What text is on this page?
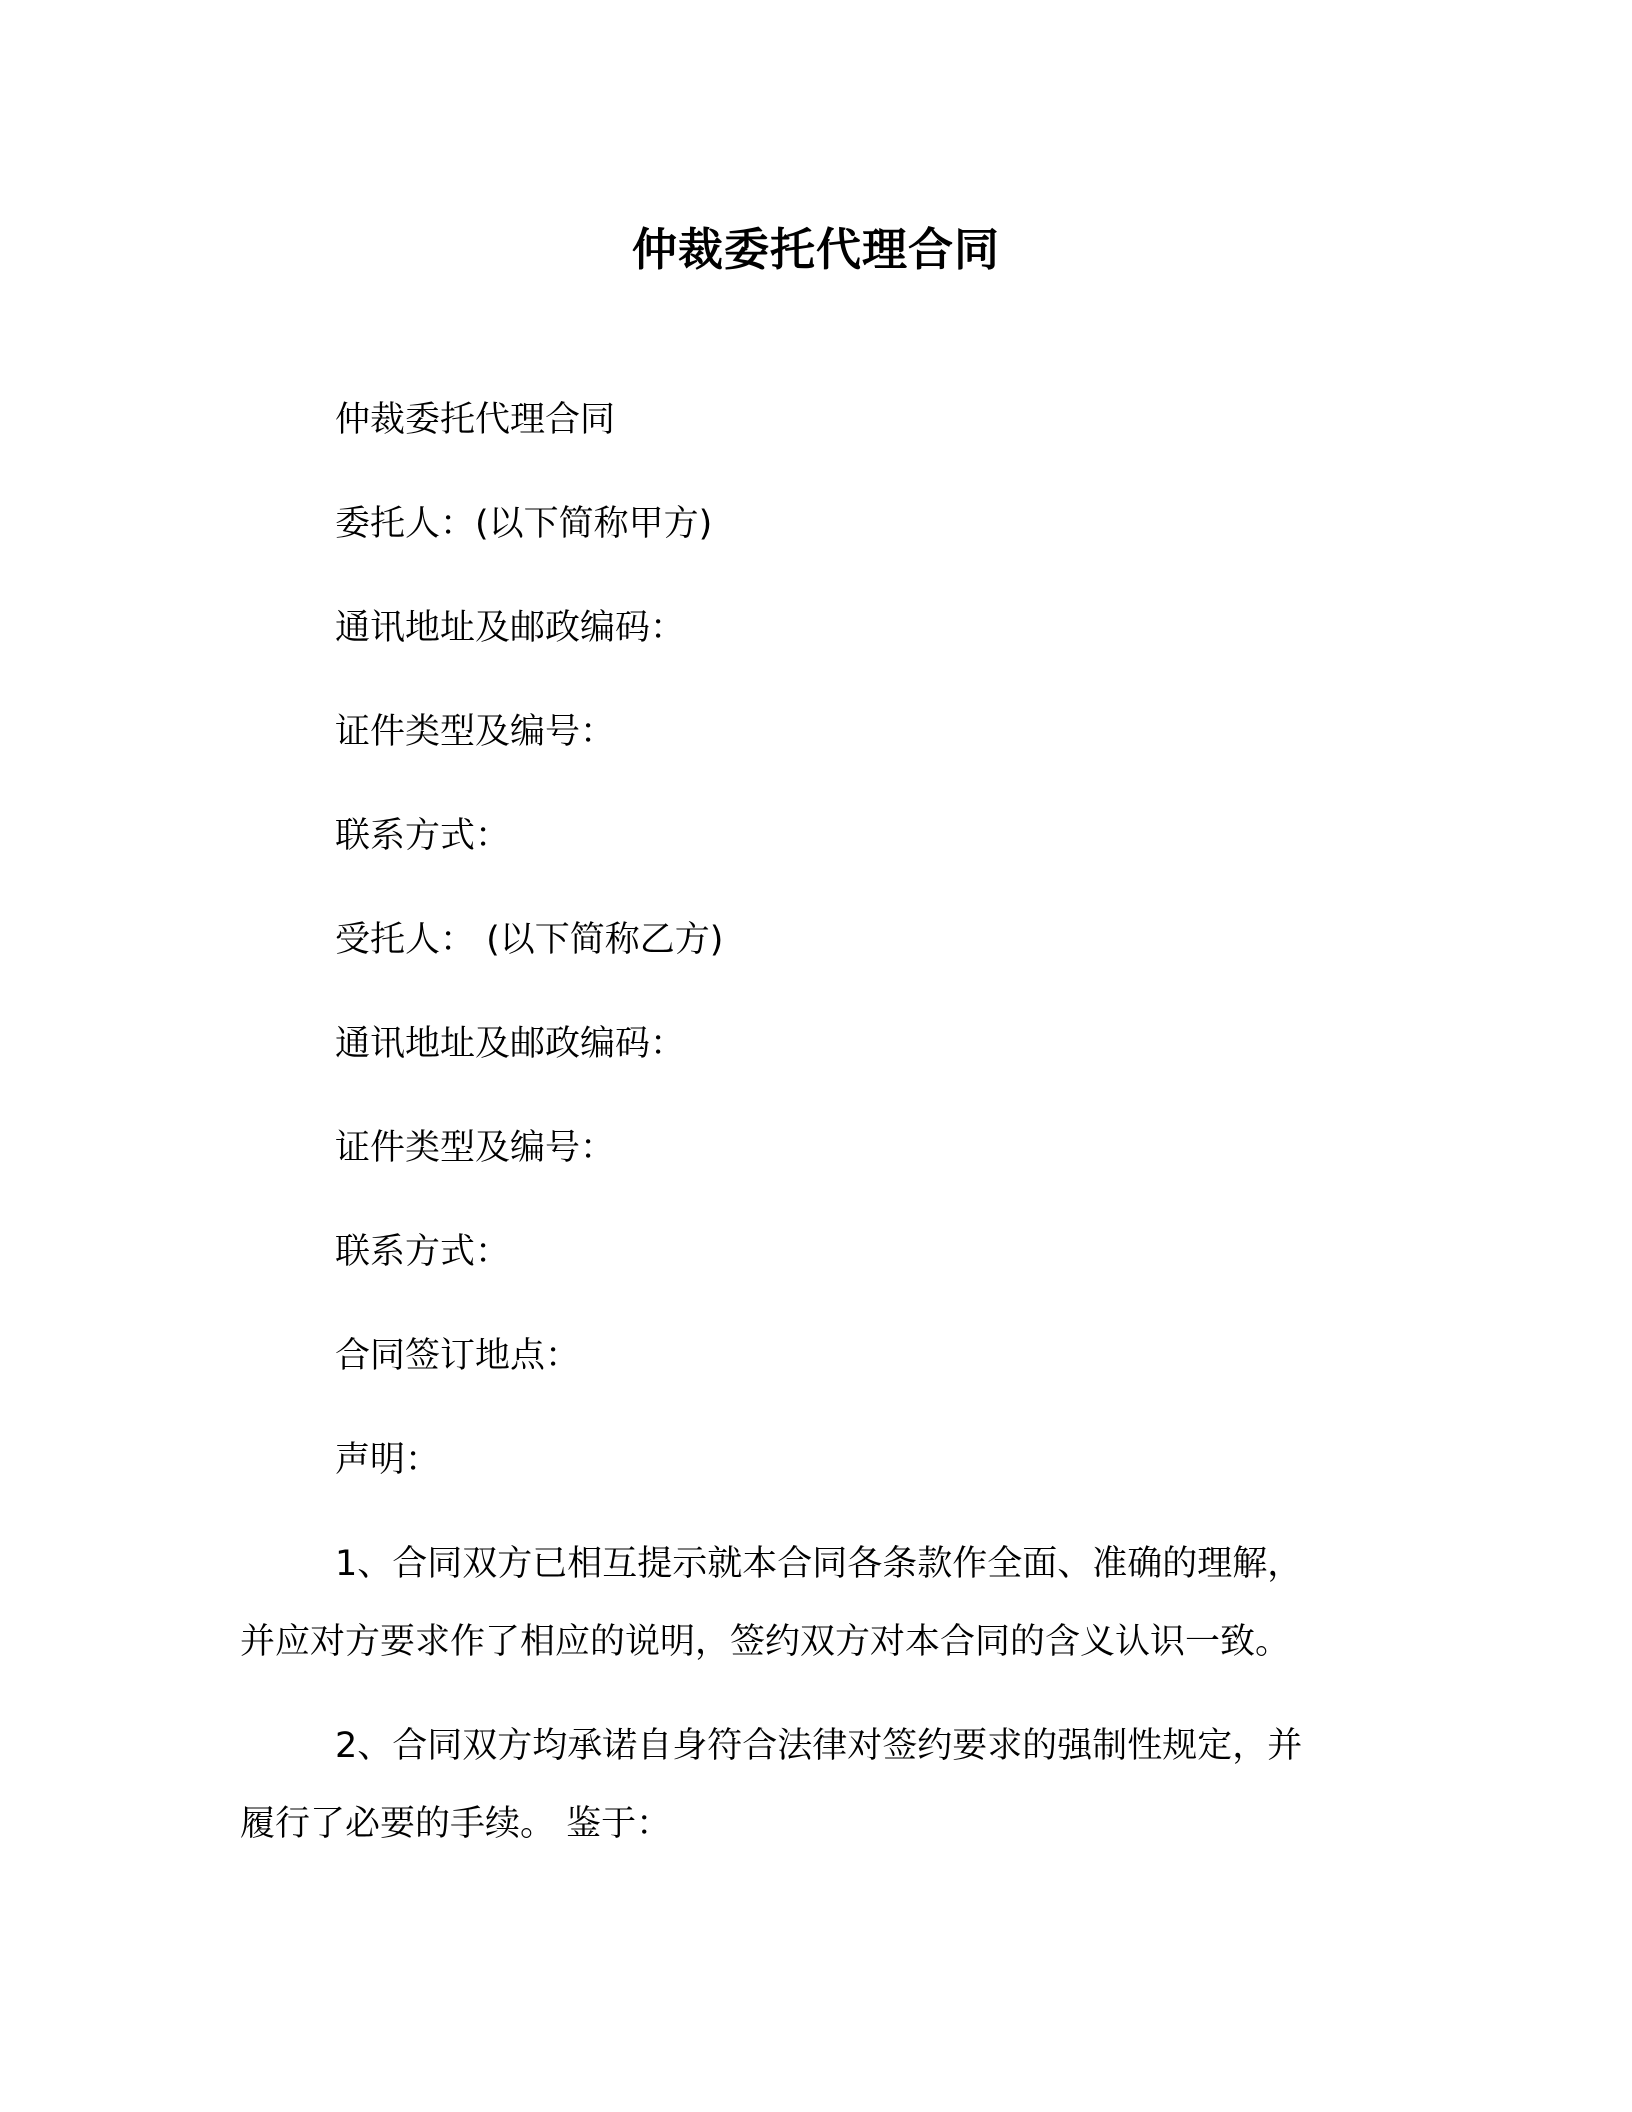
仲裁委托代理合同

仲裁委托代理合同

委托人：(以下简称甲方)

通讯地址及邮政编码：

证件类型及编号：

联系方式：

受托人： (以下简称乙方)

通讯地址及邮政编码：

证件类型及编号：

联系方式：

合同签订地点：

声明：

1、合同双方已相互提示就本合同各条款作全面、准确的理解，
并应对方要求作了相应的说明，签约双方对本合同的含义认识一致。
2、合同双方均承诺自身符合法律对签约要求的强制性规定，并
履行了必要的手续。 鉴于：
